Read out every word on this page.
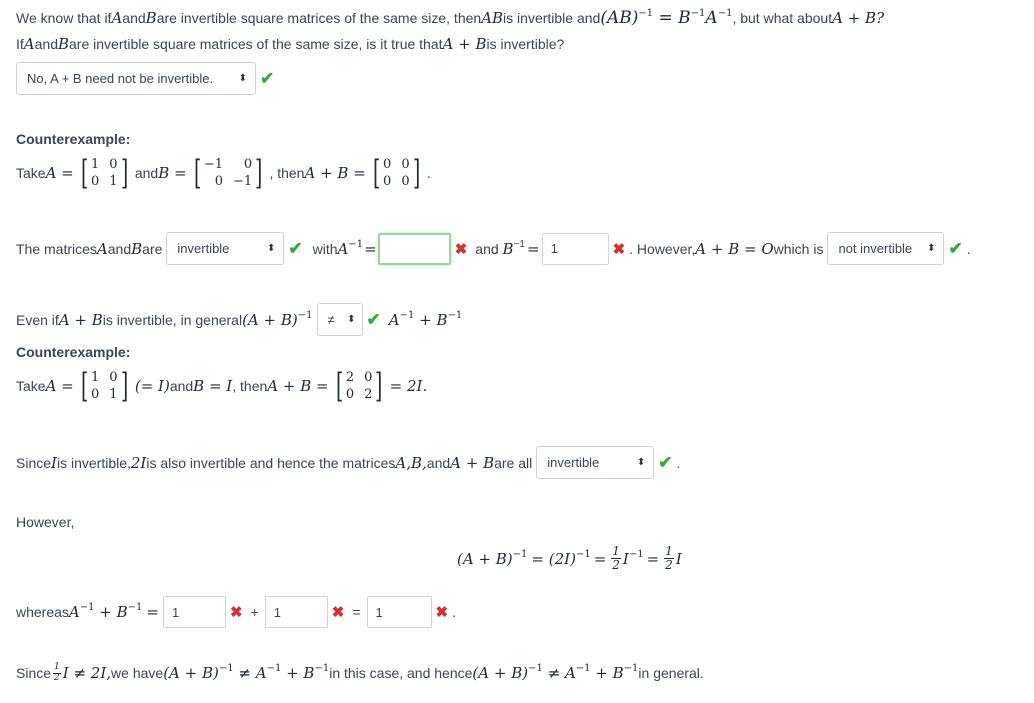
We know that if A and B are invertible square matrices of the same size, then AB is invertible and $(AB)^{-1} = B^{-1}A^{-1}$ , but what about A + B ?
If A and B are invertible square matrices of the same size, is it true that A + B is invertible?
No, A + B need not be invertible.	⬍ ✔
Counterexample:
Take A = [ 1 0
0 1 ] and B = [ −1	0
0 −1 ] , then A + B = [ 0 0
0 0 ] .
The matrices A and B are invertible	⬍ ✔ with $A^{-1}$ =	✖ and $B^{-1} = 1$	✖ . However, A + B = O which is not invertible ⬍ ✔ .
Even if A + B is invertible, in general $(A + B)^{-1}$ ≠ ⬍ ✔ $A^{-1} + B^{-1}$
Counterexample:
Take A = [ 1 0
0 1 ] (= I) and B = I , then A + B = [ 2 0
0 2 ] = 2I.
Since I is invertible, 2I is also invertible and hence the matrices A,B, and A + B are all invertible	⬍ ✔ .
However,
$(A + B)^{-1} = (2I)^{-1} = \frac{1}{2} I^{-1} = \frac{1}{2}$ I
whereas $A^{-1} + B^{-1}$ =	1	✖ +	1	✖ =	1	✖ .
Since $\frac{1}{2}$ I ≠ 2I, we have $(A + B)^{-1} \ne A^{-1} + B^{-1}$ in this case, and hence $(A + B)^{-1} \ne A^{-1} + B^{-1}$ in general.
